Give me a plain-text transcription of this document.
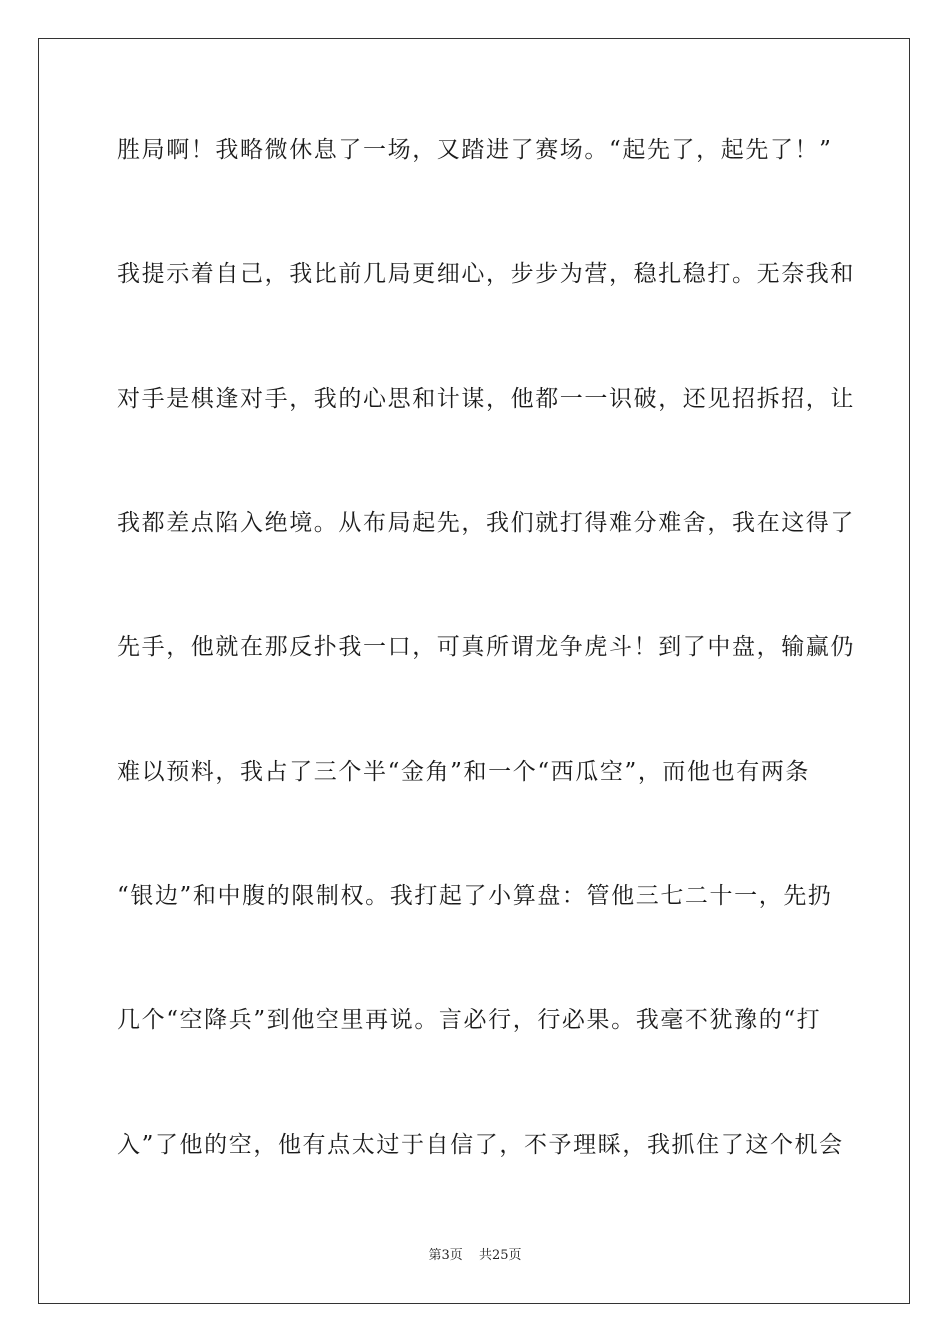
胜局啊！我略微休息了一场，又踏进了赛场。“起先了，起先了！”
我提示着自己，我比前几局更细心，步步为营，稳扎稳打。无奈我和
对手是棋逢对手，我的心思和计谋，他都一一识破，还见招拆招，让
我都差点陷入绝境。从布局起先，我们就打得难分难舍，我在这得了
先手，他就在那反扑我一口，可真所谓龙争虎斗！到了中盘，输赢仍
难以预料，我占了三个半“金角”和一个“西瓜空”，而他也有两条
“银边”和中腹的限制权。我打起了小算盘：管他三七二十一，先扔
几个“空降兵”到他空里再说。言必行，行必果。我毫不犹豫的“打
入”了他的空，他有点太过于自信了，不予理睬，我抓住了这个机会
第3页 共25页
